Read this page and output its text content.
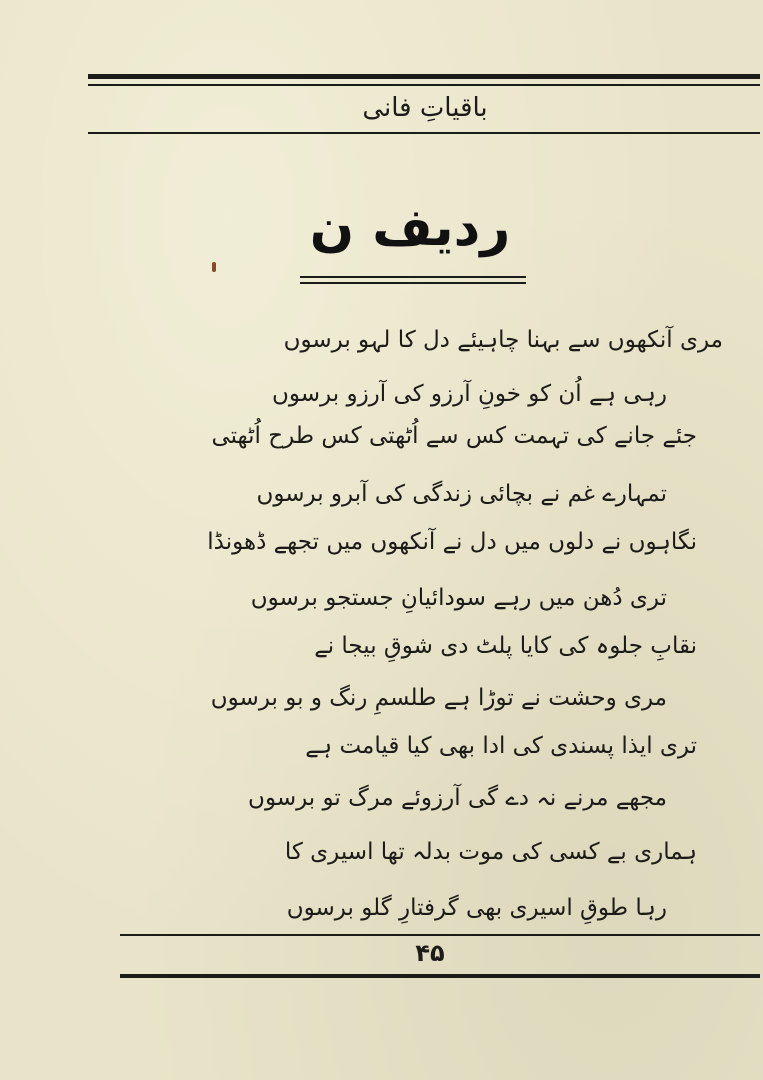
باقیاتِ فانی
ردیف ن
مری آنکھوں سے بہنا چاہیئے دل کا لہو برسوں
رہی ہے اُن کو خونِ آرزو کی آرزو برسوں
جئے جانے کی تہمت کس سے اُٹھتی کس طرح اُٹھتی
تمہارے غم نے بچائی زندگی کی آبرو برسوں
نگاہوں نے دلوں میں دل نے آنکھوں میں تجھے ڈھونڈا
تری دُھن میں رہے سودائیانِ جستجو برسوں
نقابِ جلوہ کی کایا پلٹ دی شوقِ بیجا نے
مری وحشت نے توڑا ہے طلسمِ رنگ و بو برسوں
تری ایذا پسندی کی ادا بھی کیا قیامت ہے
مجھے مرنے نہ دے گی آرزوئے مرگ تو برسوں
ہماری بے کسی کی موت بدلہ تھا اسیری کا
رہا طوقِ اسیری بھی گرفتارِ گلو برسوں
۴۵
